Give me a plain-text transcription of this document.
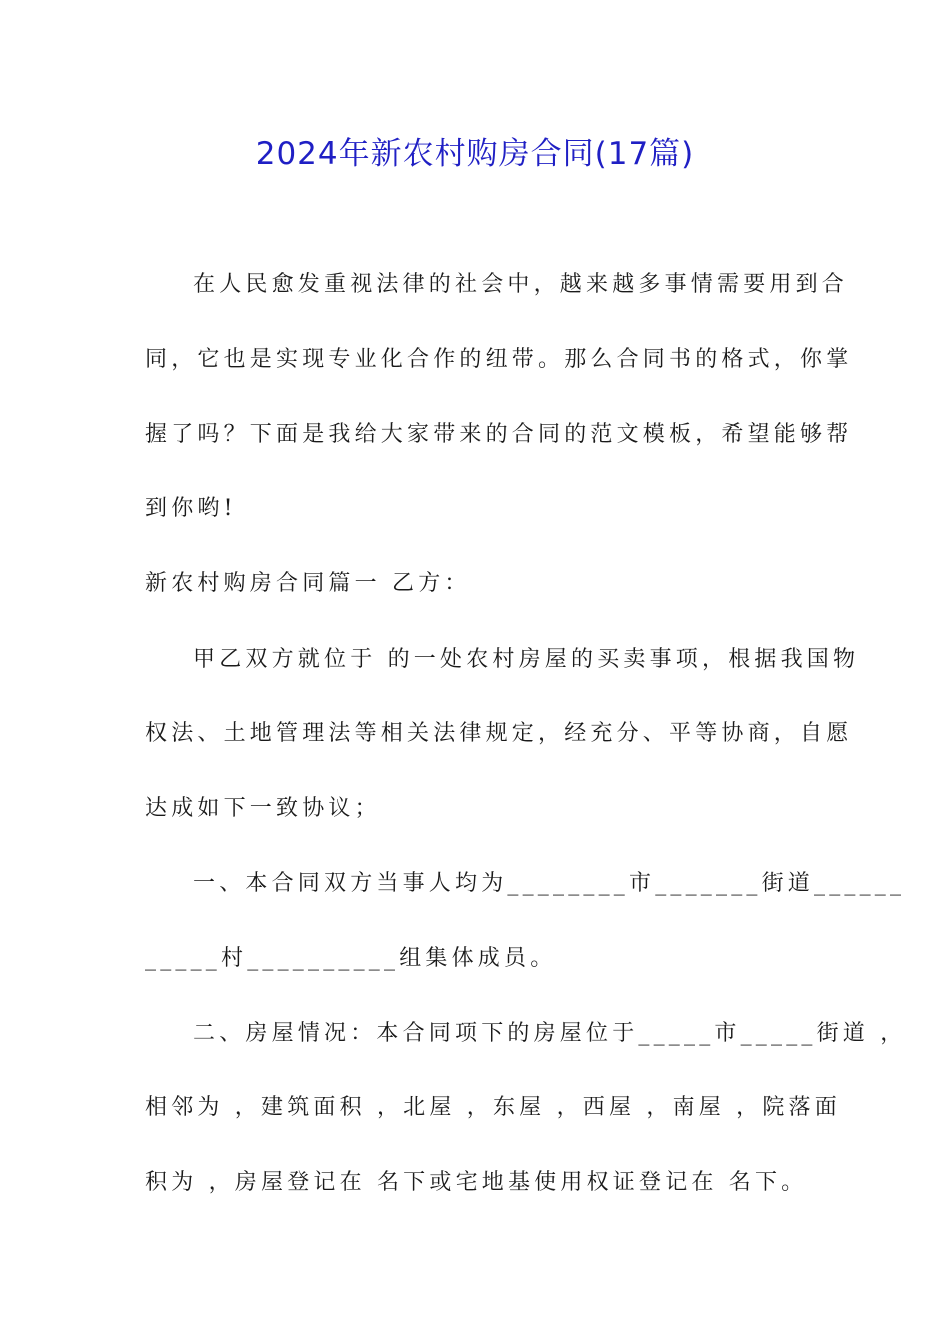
2024年新农村购房合同(17篇)
在人民愈发重视法律的社会中，越来越多事情需要用到合
同，它也是实现专业化合作的纽带。那么合同书的格式，你掌
握了吗？下面是我给大家带来的合同的范文模板，希望能够帮
到你哟!
新农村购房合同篇一 乙方：
甲乙双方就位于 的一处农村房屋的买卖事项，根据我国物
权法、土地管理法等相关法律规定，经充分、平等协商，自愿
达成如下一致协议；
一、本合同双方当事人均为________市_______街道______
_____村__________组集体成员。
二、房屋情况：本合同项下的房屋位于_____市_____街道 ，
相邻为 ，建筑面积 ，北屋 ，东屋 ，西屋 ，南屋 ，院落面
积为 ，房屋登记在 名下或宅地基使用权证登记在 名下。
